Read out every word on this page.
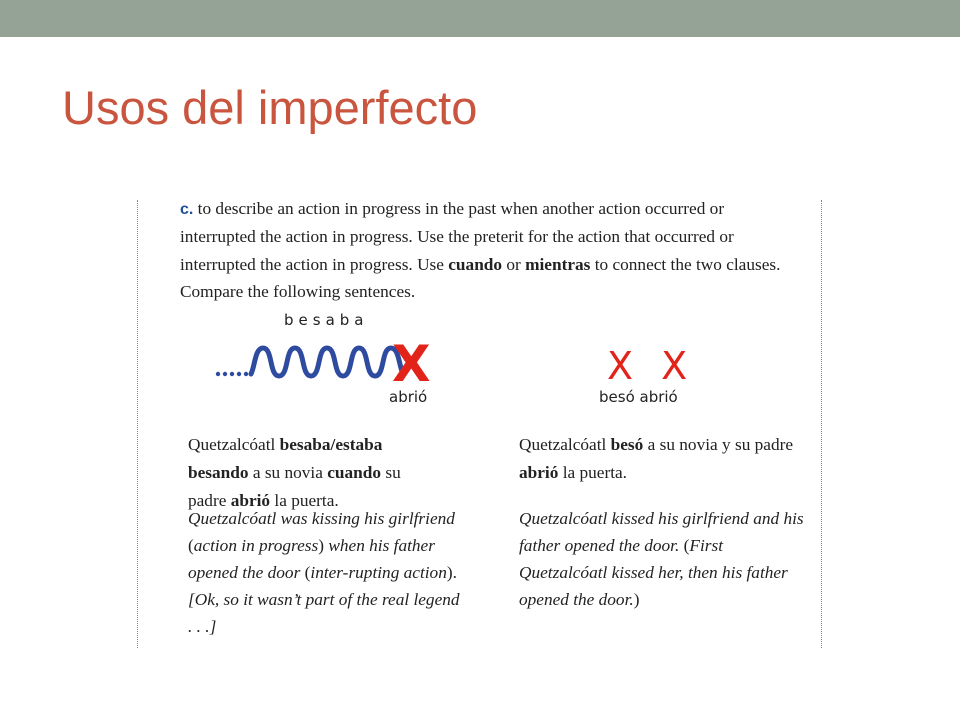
Usos del imperfecto
c. to describe an action in progress in the past when another action occurred or interrupted the action in progress. Use the preterit for the action that occurred or interrupted the action in progress. Use cuando or mientras to connect the two clauses. Compare the following sentences.
besaba
X
abrió
X X
besó abrió
Quetzalcóatl besaba/estaba besando a su novia cuando su padre abrió la puerta.
Quetzalcóatl was kissing his girlfriend (action in progress) when his father opened the door (inter-rupting action). [Ok, so it wasn’t part of the real legend . . .]
Quetzalcóatl besó a su novia y su padre abrió la puerta.
Quetzalcóatl kissed his girlfriend and his father opened the door. (First Quetzalcóatl kissed her, then his father opened the door.)
